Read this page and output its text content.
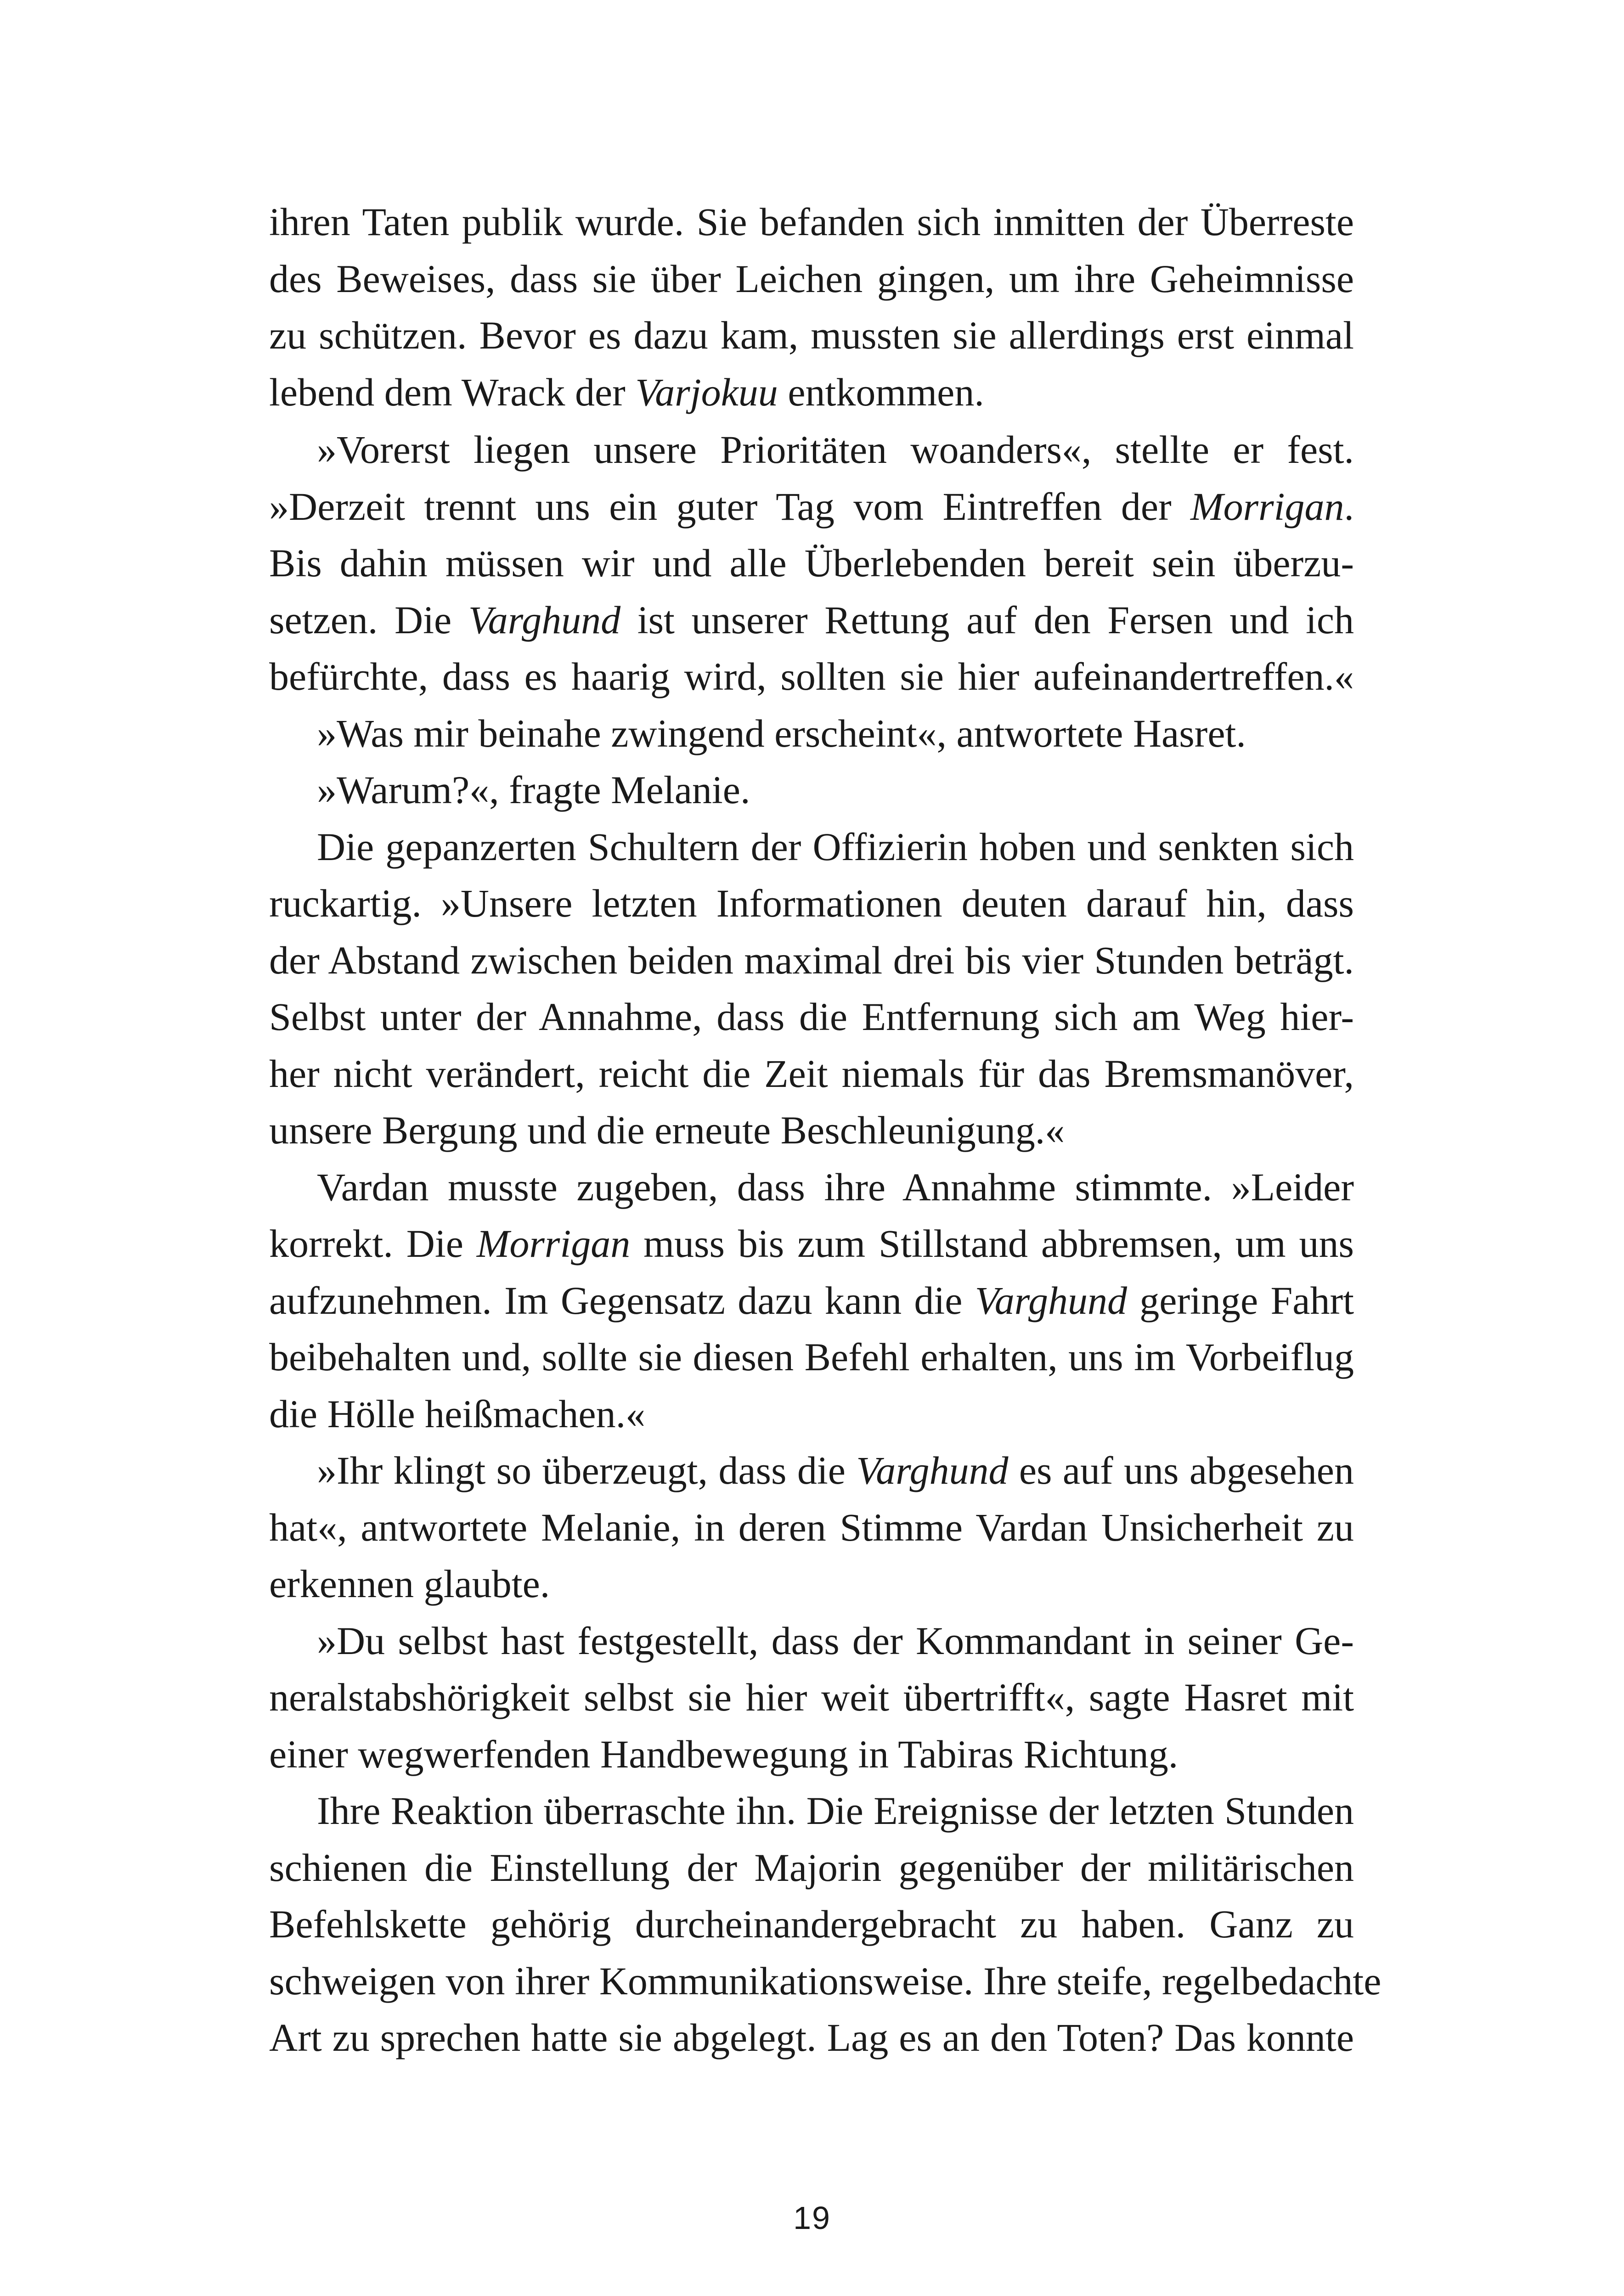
ihren Taten publik wurde. Sie befanden sich inmitten der Überreste
des Beweises, dass sie über Leichen gingen, um ihre Geheimnisse
zu schützen. Bevor es dazu kam, mussten sie allerdings erst einmal
lebend dem Wrack der Varjokuu entkommen.
»Vorerst liegen unsere Prioritäten woanders«, stellte er fest.
»Derzeit trennt uns ein guter Tag vom Eintreffen der Morrigan.
Bis dahin müssen wir und alle Überlebenden bereit sein überzu-
setzen. Die Varghund ist unserer Rettung auf den Fersen und ich
befürchte, dass es haarig wird, sollten sie hier aufeinandertreffen.«
»Was mir beinahe zwingend erscheint«, antwortete Hasret.
»Warum?«, fragte Melanie.
Die gepanzerten Schultern der Offizierin hoben und senkten sich
ruckartig. »Unsere letzten Informationen deuten darauf hin, dass
der Abstand zwischen beiden maximal drei bis vier Stunden beträgt.
Selbst unter der Annahme, dass die Entfernung sich am Weg hier-
her nicht verändert, reicht die Zeit niemals für das Bremsmanöver,
unsere Bergung und die erneute Beschleunigung.«
Vardan musste zugeben, dass ihre Annahme stimmte. »Leider
korrekt. Die Morrigan muss bis zum Stillstand abbremsen, um uns
aufzunehmen. Im Gegensatz dazu kann die Varghund geringe Fahrt
beibehalten und, sollte sie diesen Befehl erhalten, uns im Vorbeiflug
die Hölle heißmachen.«
»Ihr klingt so überzeugt, dass die Varghund es auf uns abgesehen
hat«, antwortete Melanie, in deren Stimme Vardan Unsicherheit zu
erkennen glaubte.
»Du selbst hast festgestellt, dass der Kommandant in seiner Ge-
neralstabshörigkeit selbst sie hier weit übertrifft«, sagte Hasret mit
einer wegwerfenden Handbewegung in Tabiras Richtung.
Ihre Reaktion überraschte ihn. Die Ereignisse der letzten Stunden
schienen die Einstellung der Majorin gegenüber der militärischen
Befehlskette gehörig durcheinandergebracht zu haben. Ganz zu
schweigen von ihrer Kommunikationsweise. Ihre steife, regelbedachte
Art zu sprechen hatte sie abgelegt. Lag es an den Toten? Das konnte
19
